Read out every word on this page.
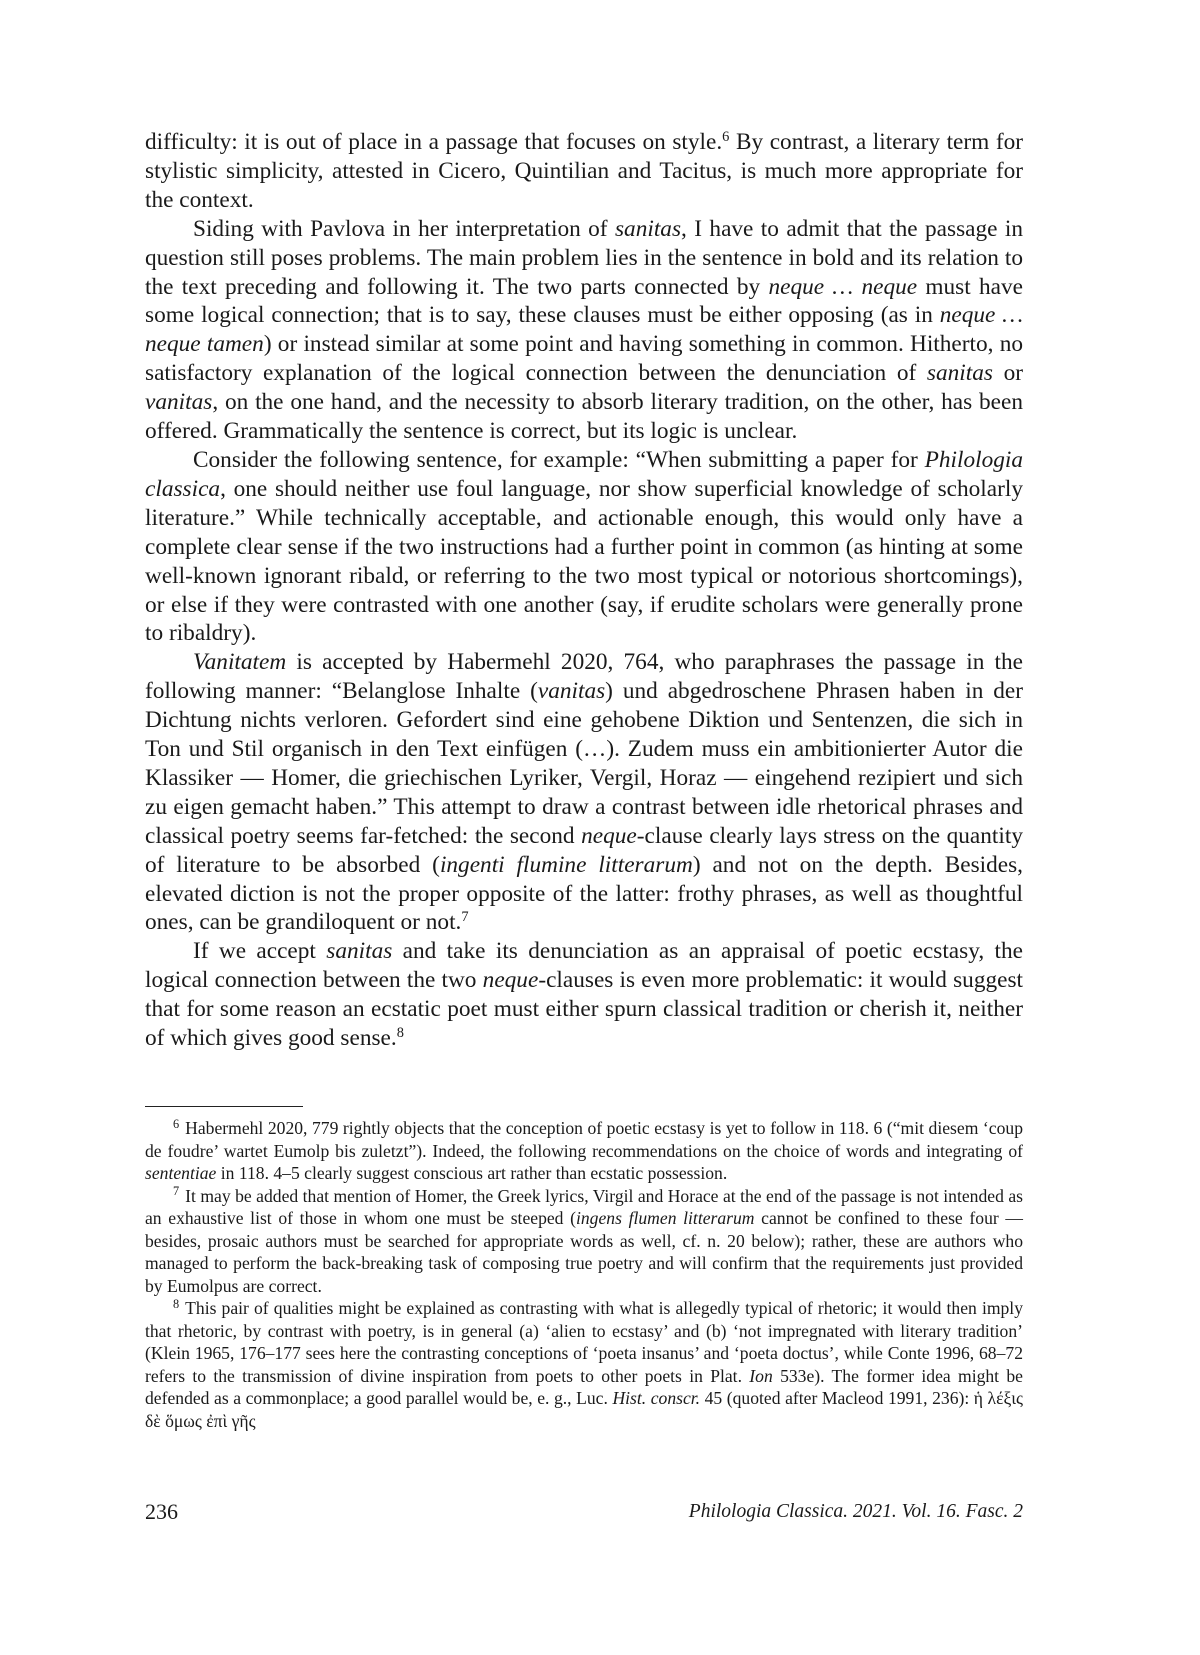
difficulty: it is out of place in a passage that focuses on style.$^6$ By contrast, a literary term for stylistic simplicity, attested in Cicero, Quintilian and Tacitus, is much more appropriate for the context.

Siding with Pavlova in her interpretation of sanitas, I have to admit that the passage in question still poses problems. The main problem lies in the sentence in bold and its relation to the text preceding and following it. The two parts connected by neque … neque must have some logical connection; that is to say, these clauses must be either opposing (as in neque … neque tamen) or instead similar at some point and having something in common. Hitherto, no satisfactory explanation of the logical connection between the denunciation of sanitas or vanitas, on the one hand, and the necessity to absorb literary tradition, on the other, has been offered. Grammatically the sentence is correct, but its logic is unclear.

Consider the following sentence, for example: “When submitting a paper for Philologia classica, one should neither use foul language, nor show superficial knowledge of scholarly literature.” While technically acceptable, and actionable enough, this would only have a complete clear sense if the two instructions had a further point in common (as hinting at some well-known ignorant ribald, or referring to the two most typical or notorious shortcomings), or else if they were contrasted with one another (say, if erudite scholars were generally prone to ribaldry).

Vanitatem is accepted by Habermehl 2020, 764, who paraphrases the passage in the following manner: “Belanglose Inhalte (vanitas) und abgedroschene Phrasen haben in der Dichtung nichts verloren. Gefordert sind eine gehobene Diktion und Sentenzen, die sich in Ton und Stil organisch in den Text einfügen (…). Zudem muss ein ambitionierter Autor die Klassiker — Homer, die griechischen Lyriker, Vergil, Horaz — eingehend rezipiert und sich zu eigen gemacht haben.” This attempt to draw a contrast between idle rhetorical phrases and classical poetry seems far-fetched: the second neque-clause clearly lays stress on the quantity of literature to be absorbed (ingenti flumine litterarum) and not on the depth. Besides, elevated diction is not the proper opposite of the latter: frothy phrases, as well as thoughtful ones, can be grandiloquent or not.$^7$

If we accept sanitas and take its denunciation as an appraisal of poetic ecstasy, the logical connection between the two neque-clauses is even more problematic: it would suggest that for some reason an ecstatic poet must either spurn classical tradition or cherish it, neither of which gives good sense.$^8$

$^6$ Habermehl 2020, 779 rightly objects that the conception of poetic ecstasy is yet to follow in 118. 6 (“mit diesem ‘coup de foudre’ wartet Eumolp bis zuletzt”). Indeed, the following recommendations on the choice of words and integrating of sententiae in 118. 4–5 clearly suggest conscious art rather than ecstatic possession.

$^7$ It may be added that mention of Homer, the Greek lyrics, Virgil and Horace at the end of the passage is not intended as an exhaustive list of those in whom one must be steeped (ingens flumen litterarum cannot be confined to these four — besides, prosaic authors must be searched for appropriate words as well, cf. n. 20 below); rather, these are authors who managed to perform the back-breaking task of composing true poetry and will confirm that the requirements just provided by Eumolpus are correct.

$^8$ This pair of qualities might be explained as contrasting with what is allegedly typical of rhetoric; it would then imply that rhetoric, by contrast with poetry, is in general (a) ‘alien to ecstasy’ and (b) ‘not impregnated with literary tradition’ (Klein 1965, 176–177 sees here the contrasting conceptions of ‘poeta insanus’ and ‘poeta doctus’, while Conte 1996, 68–72 refers to the transmission of divine inspiration from poets to other poets in Plat. Ion 533e). The former idea might be defended as a commonplace; a good parallel would be, e. g., Luc. Hist. conscr. 45 (quoted after Macleod 1991, 236): ἡ λέξις δὲ ὅμως ἐπὶ γῆς

236	Philologia Classica. 2021. Vol. 16. Fasc. 2
